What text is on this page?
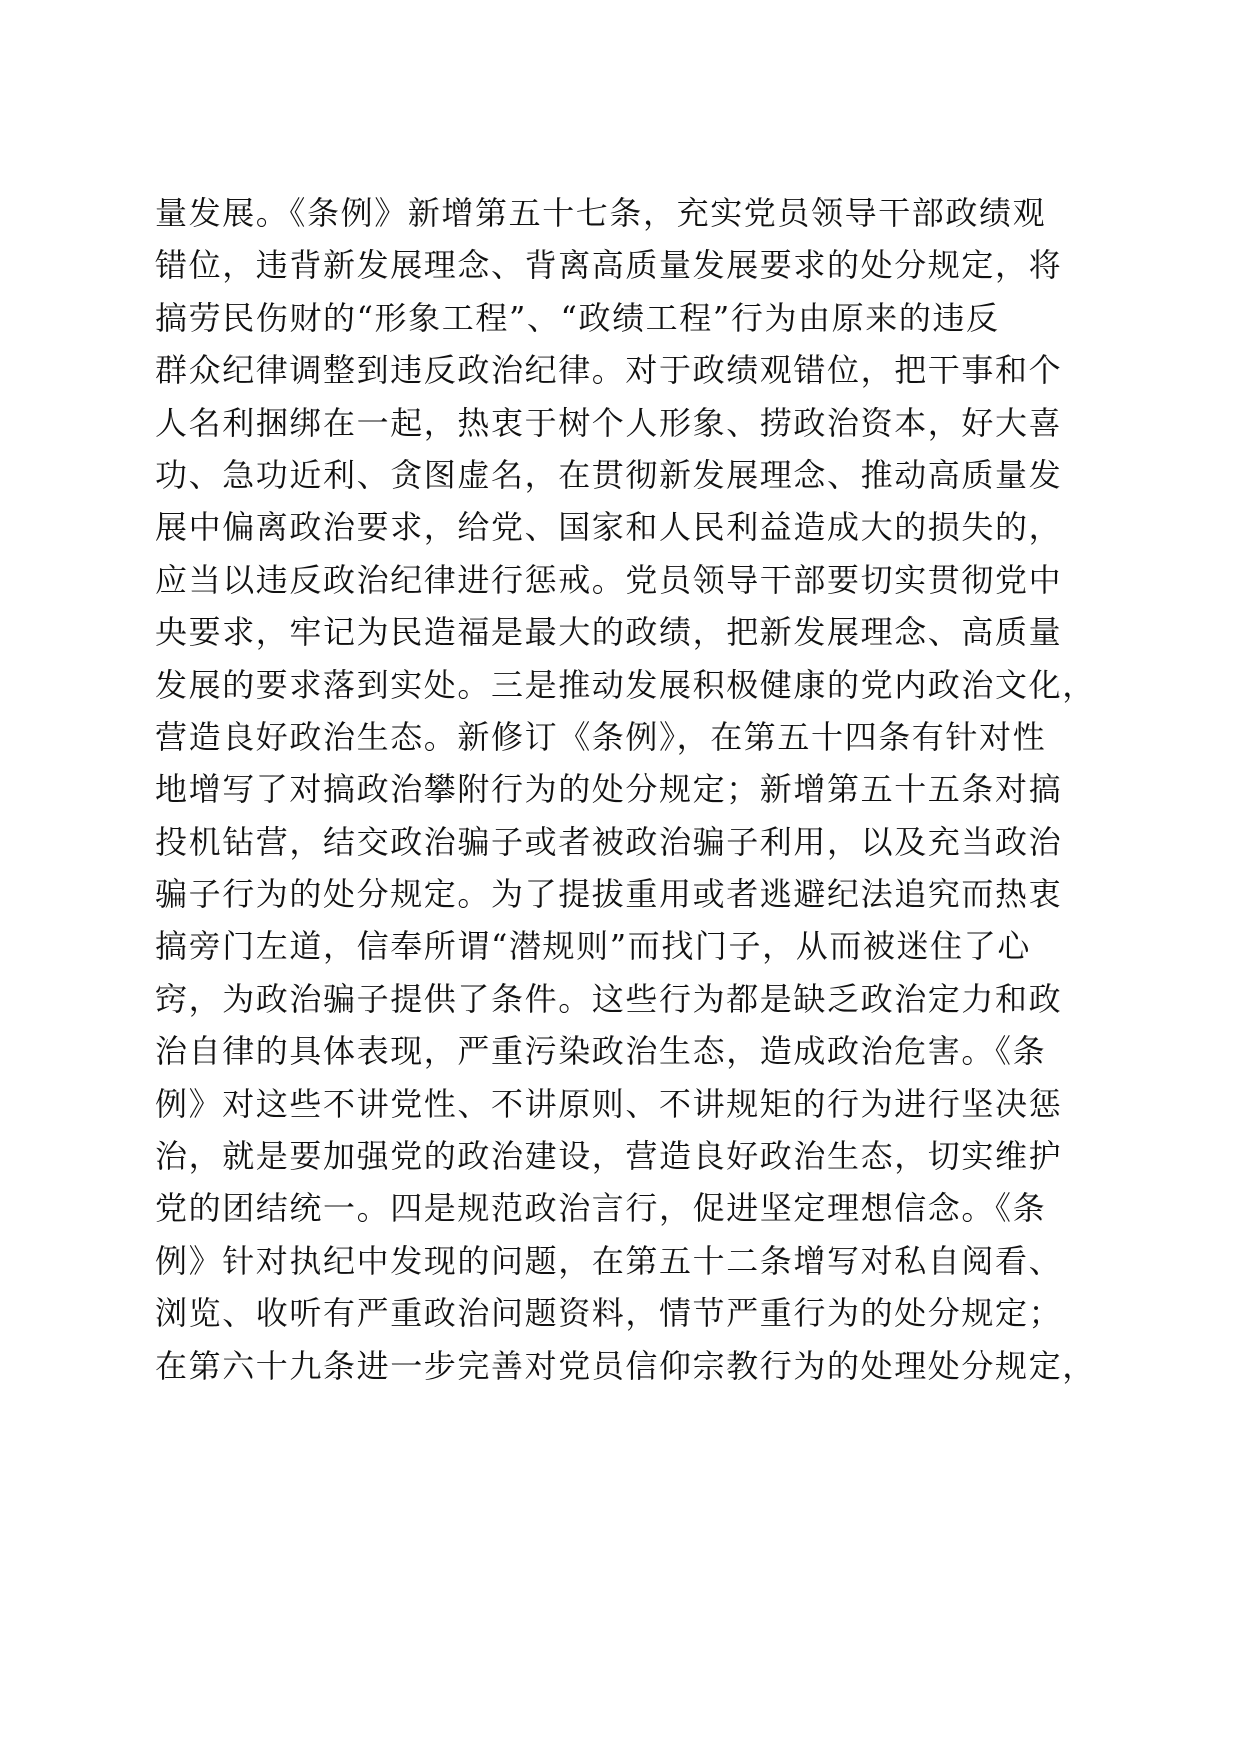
量发展。《条例》新增第五十七条，充实党员领导干部政绩观
错位，违背新发展理念、背离高质量发展要求的处分规定，将
搞劳民伤财的“形象工程”、“政绩工程”行为由原来的违反
群众纪律调整到违反政治纪律。对于政绩观错位，把干事和个
人名利捆绑在一起，热衷于树个人形象、捞政治资本，好大喜
功、急功近利、贪图虚名，在贯彻新发展理念、推动高质量发
展中偏离政治要求，给党、国家和人民利益造成大的损失的，
应当以违反政治纪律进行惩戒。党员领导干部要切实贯彻党中
央要求，牢记为民造福是最大的政绩，把新发展理念、高质量
发展的要求落到实处。三是推动发展积极健康的党内政治文化，
营造良好政治生态。新修订《条例》，在第五十四条有针对性
地增写了对搞政治攀附行为的处分规定；新增第五十五条对搞
投机钻营，结交政治骗子或者被政治骗子利用，以及充当政治
骗子行为的处分规定。为了提拔重用或者逃避纪法追究而热衷
搞旁门左道，信奉所谓“潜规则”而找门子，从而被迷住了心
窍，为政治骗子提供了条件。这些行为都是缺乏政治定力和政
治自律的具体表现，严重污染政治生态，造成政治危害。《条
例》对这些不讲党性、不讲原则、不讲规矩的行为进行坚决惩
治，就是要加强党的政治建设，营造良好政治生态，切实维护
党的团结统一。四是规范政治言行，促进坚定理想信念。《条
例》针对执纪中发现的问题，在第五十二条增写对私自阅看、
浏览、收听有严重政治问题资料，情节严重行为的处分规定；
在第六十九条进一步完善对党员信仰宗教行为的处理处分规定，
